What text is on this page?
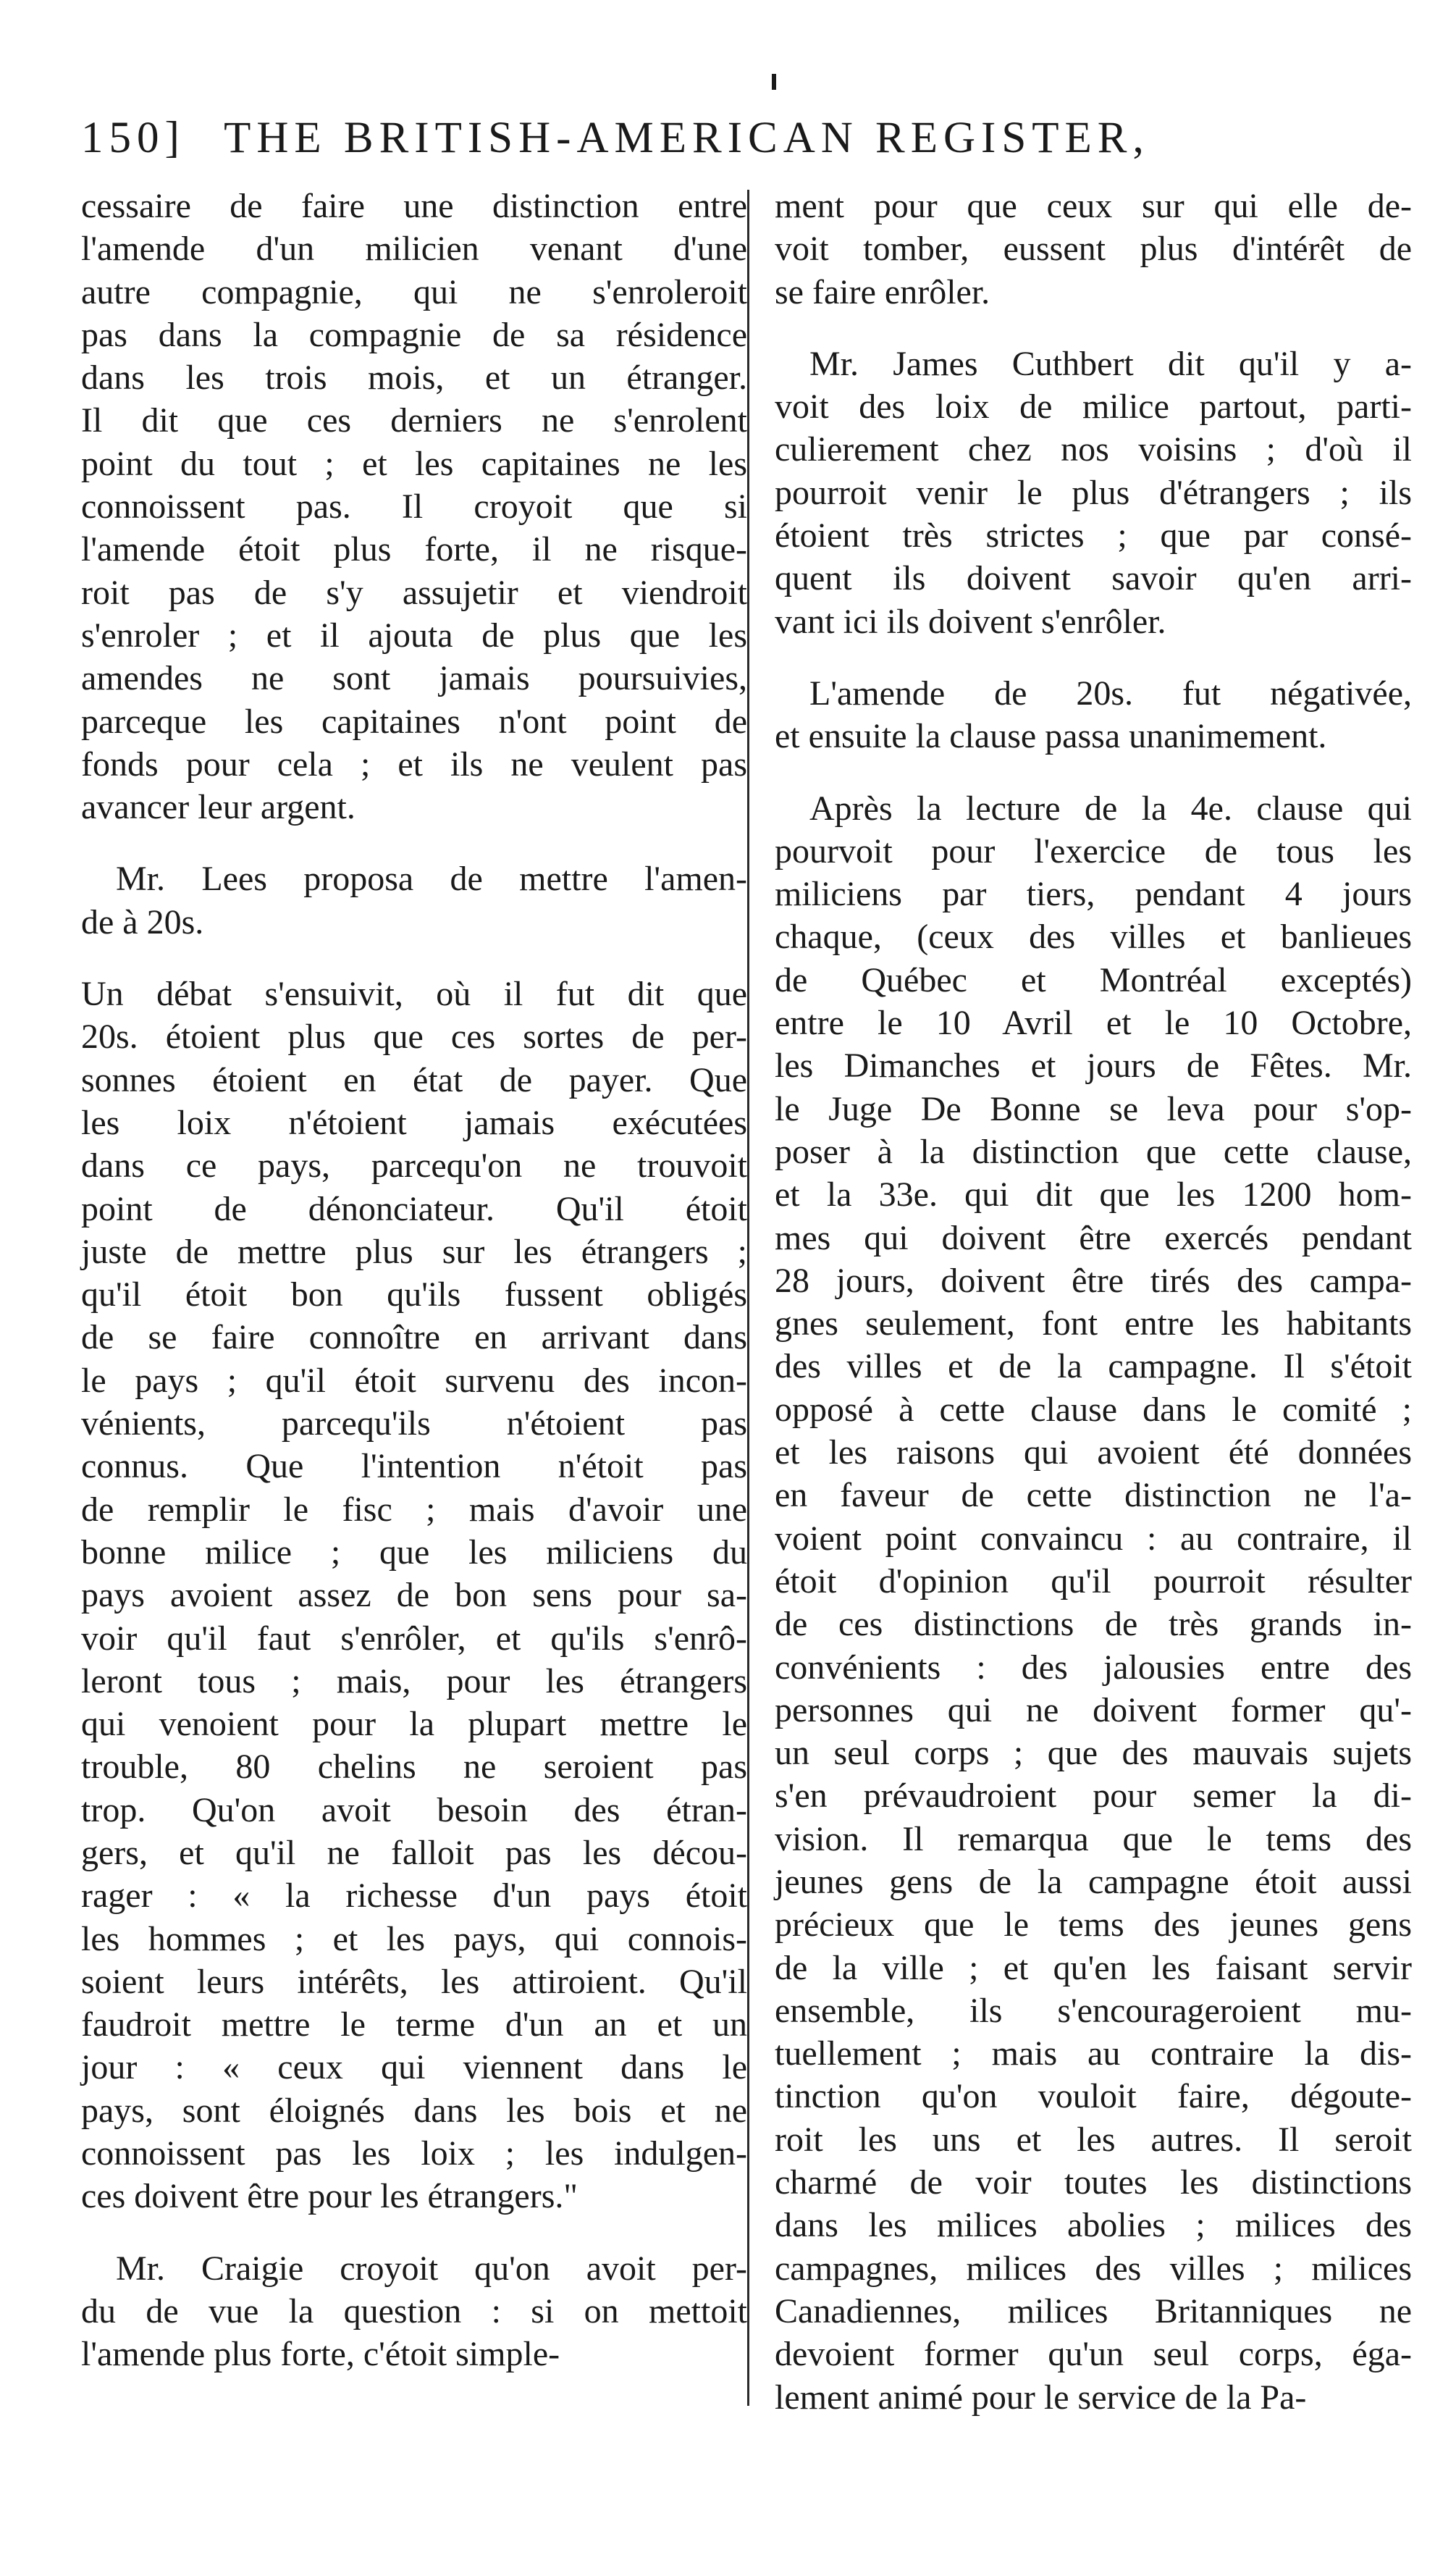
150] THE BRITISH-AMERICAN REGISTER,

cessaire de faire une distinction entre
l'amende d'un milicien venant d'une
autre compagnie, qui ne s'enroleroit
pas dans la compagnie de sa résidence
dans les trois mois, et un étranger.
Il dit que ces derniers ne s'enrolent
point du tout ; et les capitaines ne les
connoissent pas. Il croyoit que si
l'amende étoit plus forte, il ne risque-
roit pas de s'y assujetir et viendroit
s'enroler ; et il ajouta de plus que les
amendes ne sont jamais poursuivies,
parceque les capitaines n'ont point de
fonds pour cela ; et ils ne veulent pas
avancer leur argent.

Mr. Lees proposa de mettre l'amen-
de à 20s.

Un débat s'ensuivit, où il fut dit que
20s. étoient plus que ces sortes de per-
sonnes étoient en état de payer. Que
les loix n'étoient jamais exécutées
dans ce pays, parcequ'on ne trouvoit
point de dénonciateur. Qu'il étoit
juste de mettre plus sur les étrangers ;
qu'il étoit bon qu'ils fussent obligés
de se faire connoître en arrivant dans
le pays ; qu'il étoit survenu des incon-
vénients, parcequ'ils n'étoient pas
connus. Que l'intention n'étoit pas
de remplir le fisc ; mais d'avoir une
bonne milice ; que les miliciens du
pays avoient assez de bon sens pour sa-
voir qu'il faut s'enrôler, et qu'ils s'enrô-
leront tous ; mais, pour les étrangers
qui venoient pour la plupart mettre le
trouble, 80 chelins ne seroient pas
trop. Qu'on avoit besoin des étran-
gers, et qu'il ne falloit pas les décou-
rager : « la richesse d'un pays étoit
les hommes ; et les pays, qui connois-
soient leurs intérêts, les attiroient. Qu'il
faudroit mettre le terme d'un an et un
jour : « ceux qui viennent dans le
pays, sont éloignés dans les bois et ne
connoissent pas les loix ; les indulgen-
ces doivent être pour les étrangers."

Mr. Craigie croyoit qu'on avoit per-
du de vue la question : si on mettoit
l'amende plus forte, c'étoit simple-

ment pour que ceux sur qui elle de-
voit tomber, eussent plus d'intérêt de
se faire enrôler.

Mr. James Cuthbert dit qu'il y a-
voit des loix de milice partout, parti-
culierement chez nos voisins ; d'où il
pourroit venir le plus d'étrangers ; ils
étoient très strictes ; que par consé-
quent ils doivent savoir qu'en arri-
vant ici ils doivent s'enrôler.

L'amende de 20s. fut négativée,
et ensuite la clause passa unanimement.

Après la lecture de la 4e. clause qui
pourvoit pour l'exercice de tous les
miliciens par tiers, pendant 4 jours
chaque, (ceux des villes et banlieues
de Québec et Montréal exceptés)
entre le 10 Avril et le 10 Octobre,
les Dimanches et jours de Fêtes. Mr.
le Juge De Bonne se leva pour s'op-
poser à la distinction que cette clause,
et la 33e. qui dit que les 1200 hom-
mes qui doivent être exercés pendant
28 jours, doivent être tirés des campa-
gnes seulement, font entre les habitants
des villes et de la campagne. Il s'étoit
opposé à cette clause dans le comité ;
et les raisons qui avoient été données
en faveur de cette distinction ne l'a-
voient point convaincu : au contraire, il
étoit d'opinion qu'il pourroit résulter
de ces distinctions de très grands in-
convénients : des jalousies entre des
personnes qui ne doivent former qu'-
un seul corps ; que des mauvais sujets
s'en prévaudroient pour semer la di-
vision. Il remarqua que le tems des
jeunes gens de la campagne étoit aussi
précieux que le tems des jeunes gens
de la ville ; et qu'en les faisant servir
ensemble, ils s'encourageroient mu-
tuellement ; mais au contraire la dis-
tinction qu'on vouloit faire, dégoute-
roit les uns et les autres. Il seroit
charmé de voir toutes les distinctions
dans les milices abolies ; milices des
campagnes, milices des villes ; milices
Canadiennes, milices Britanniques ne
devoient former qu'un seul corps, éga-
lement animé pour le service de la Pa-
